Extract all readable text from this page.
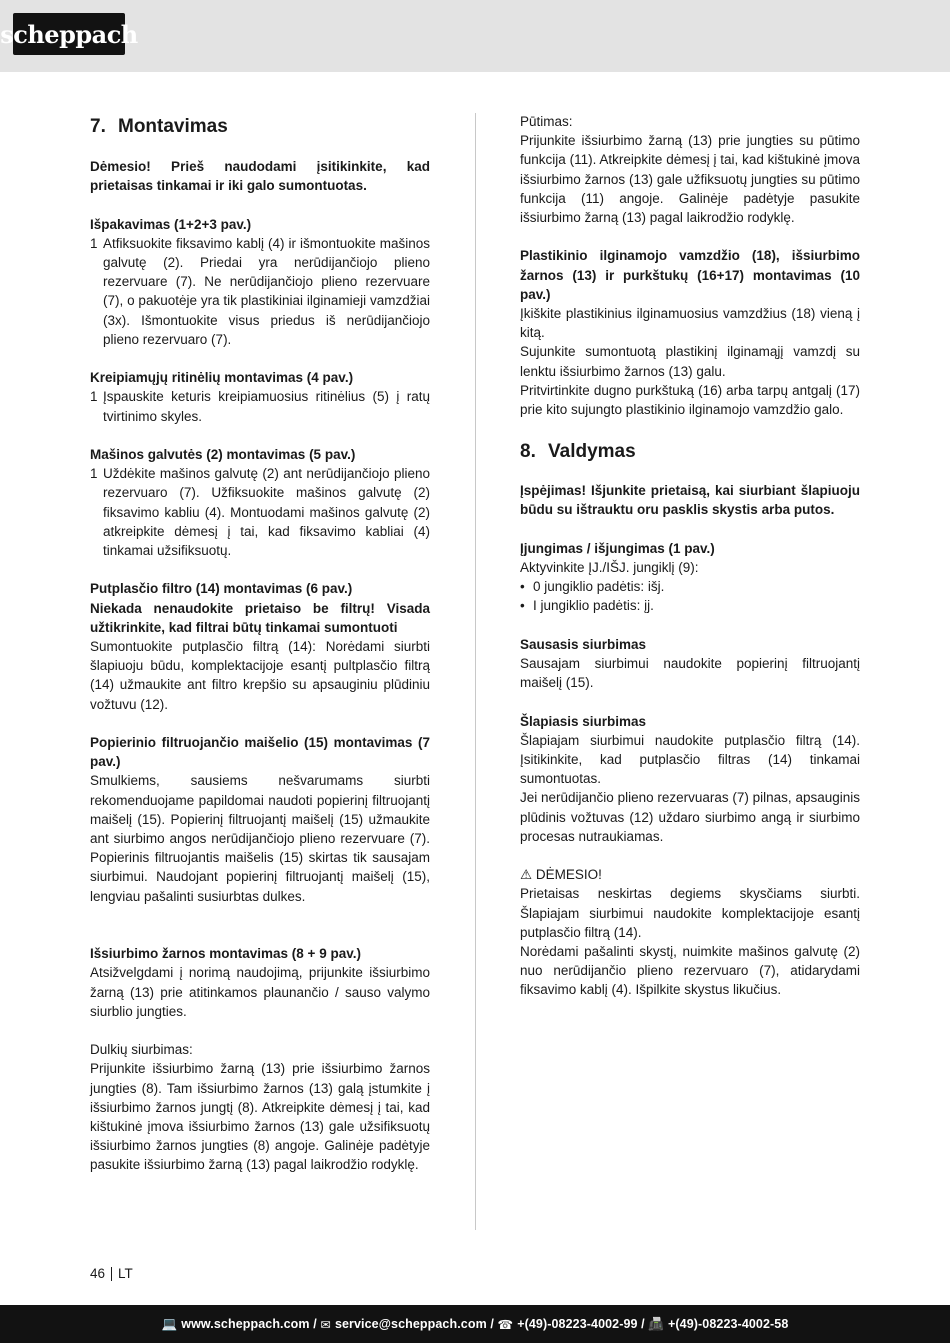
scheppach
7. Montavimas

Dėmesio! Prieš naudodami įsitikinkite, kad prietaisas tinkamai ir iki galo sumontuotas.

Išpakavimas (1+2+3 pav.)

1 Atfiksuokite fiksavimo kablį (4) ir išmontuokite mašinos galvutę (2). Priedai yra nerūdijančiojo plieno rezervuare (7). Ne nerūdijančiojo plieno rezervuare (7), o pakuotėje yra tik plastikiniai ilginamieji vamzdžiai (3x). Išmontuokite visus priedus iš nerūdijančiojo plieno rezervuaro (7).

Kreipiamųjų ritinėlių montavimas (4 pav.)

1 Įspauskite keturis kreipiamuosius ritinėlius (5) į ratų tvirtinimo skyles.

Mašinos galvutės (2) montavimas (5 pav.)

1 Uždėkite mašinos galvutę (2) ant nerūdijančiojo plieno rezervuaro (7). Užfiksuokite mašinos galvutę (2) fiksavimo kabliu (4). Montuodami mašinos galvutę (2) atkreipkite dėmesį į tai, kad fiksavimo kabliai (4) tinkamai užsifiksuotų.

Putplasčio filtro (14) montavimas (6 pav.)

Niekada nenaudokite prietaiso be filtrų! Visada užtikrinkite, kad filtrai būtų tinkamai sumontuoti

Sumontuokite putplasčio filtrą (14): Norėdami siurbti šlapiuoju būdu, komplektacijoje esantį pultplasčio filtrą (14) užmaukite ant filtro krepšio su apsauginiu plūdiniu vožtuvu (12).

Popierinio filtruojančio maišelio (15) montavimas (7 pav.)

Smulkiems, sausiems nešvarumams siurbti rekomenduojame papildomai naudoti popierinį filtruojantį maišelį (15). Popierinį filtruojantį maišelį (15) užmaukite ant siurbimo angos nerūdijančiojo plieno rezervuare (7). Popierinis filtruojantis maišelis (15) skirtas tik sausajam siurbimui. Naudojant popierinį filtruojantį maišelį (15), lengviau pašalinti susiurbtas dulkes.

Išsiurbimo žarnos montavimas (8 + 9 pav.)

Atsižvelgdami į norimą naudojimą, prijunkite išsiurbimo žarną (13) prie atitinkamos plaunančio / sauso valymo siurblio jungties.

Dulkių siurbimas:

Prijunkite išsiurbimo žarną (13) prie išsiurbimo žarnos jungties (8). Tam išsiurbimo žarnos (13) galą įstumkite į išsiurbimo žarnos jungtį (8). Atkreipkite dėmesį į tai, kad kištukinė įmova išsiurbimo žarnos (13) gale užsifiksuotų išsiurbimo žarnos jungties (8) angoje. Galinėje padėtyje pasukite išsiurbimo žarną (13) pagal laikrodžio rodyklę.

Pūtimas:

Prijunkite išsiurbimo žarną (13) prie jungties su pūtimo funkcija (11). Atkreipkite dėmesį į tai, kad kištukinė įmova išsiurbimo žarnos (13) gale užfiksuotų jungties su pūtimo funkcija (11) angoje. Galinėje padėtyje pasukite išsiurbimo žarną (13) pagal laikrodžio rodyklę.

Plastikinio ilginamojo vamzdžio (18), išsiurbimo žarnos (13) ir purkštukų (16+17) montavimas (10 pav.)

Įkiškite plastikinius ilginamuosius vamzdžius (18) vieną į kitą.

Sujunkite sumontuotą plastikinį ilginamąjį vamzdį su lenktu išsiurbimo žarnos (13) galu.

Pritvirtinkite dugno purkštuką (16) arba tarpų antgalį (17) prie kito sujungto plastikinio ilginamojo vamzdžio galo.

8. Valdymas

Įspėjimas! Išjunkite prietaisą, kai siurbiant šlapiuoju būdu su ištrauktu oru pasklis skystis arba putos.

Įjungimas / išjungimas (1 pav.)

Aktyvinkite ĮJ./IŠJ. jungiklį (9):

• 0 jungiklio padėtis: išj.
• I jungiklio padėtis: įj.

Sausasis siurbimas

Sausajam siurbimui naudokite popierinį filtruojantį maišelį (15).

Šlapiasis siurbimas

Šlapiajam siurbimui naudokite putplasčio filtrą (14). Įsitikinkite, kad putplasčio filtras (14) tinkamai sumontuotas.

Jei nerūdijančio plieno rezervuaras (7) pilnas, apsauginis plūdinis vožtuvas (12) uždaro siurbimo angą ir siurbimo procesas nutraukiamas.

⚠ DĖMESIO!

Prietaisas neskirtas degiems skysčiams siurbti. Šlapiajam siurbimui naudokite komplektacijoje esantį putplasčio filtrą (14).

Norėdami pašalinti skystį, nuimkite mašinos galvutę (2) nuo nerūdijančio plieno rezervuaro (7), atidarydami fiksavimo kablį (4). Išpilkite skystus likučius.

46 LT
💻 www.scheppach.com /
✉ service@scheppach.com /
☎ +(49)-08223-4002-99 /
📠 +(49)-08223-4002-58
